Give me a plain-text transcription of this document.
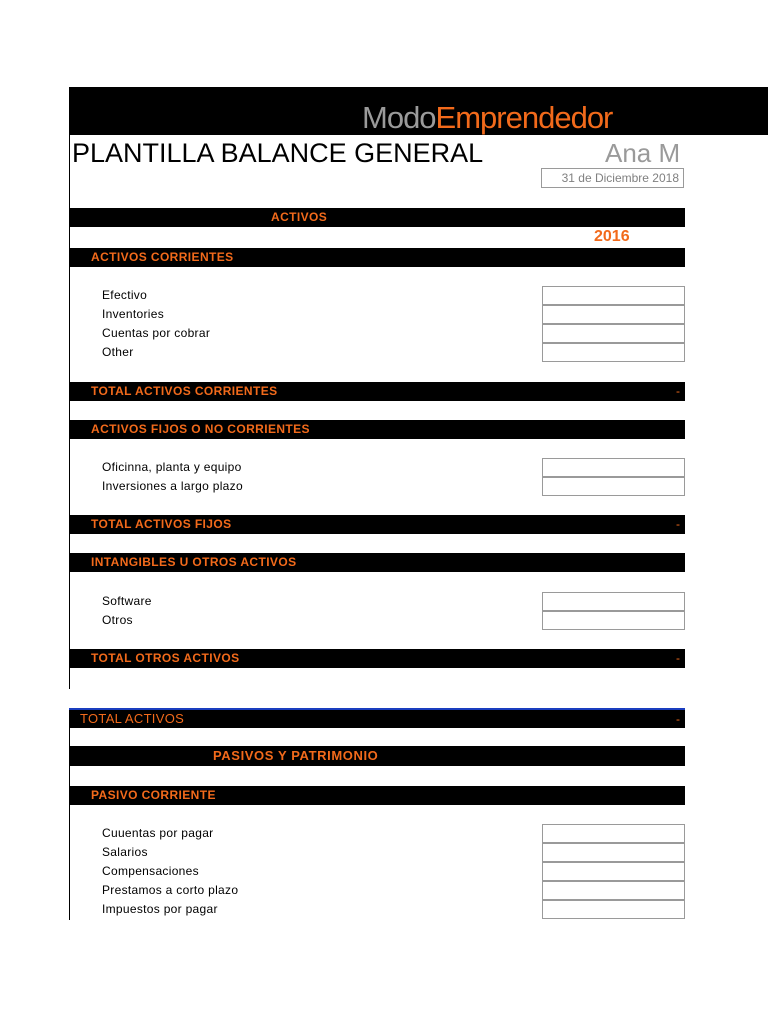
ModoEmprendedor
PLANTILLA BALANCE GENERAL	Ana M
31 de Diciembre 2018
ACTIVOS
2016
ACTIVOS CORRIENTES
Efectivo
Inventories
Cuentas por cobrar
Other
TOTAL ACTIVOS CORRIENTES	-
ACTIVOS FIJOS O NO CORRIENTES
Oficinna, planta y equipo
Inversiones a largo plazo
TOTAL ACTIVOS FIJOS	-
INTANGIBLES U OTROS ACTIVOS
Software
Otros
TOTAL OTROS ACTIVOS	-
TOTAL ACTIVOS	-
PASIVOS Y PATRIMONIO
PASIVO CORRIENTE
Cuuentas por pagar
Salarios
Compensaciones
Prestamos a corto plazo
Impuestos por pagar
